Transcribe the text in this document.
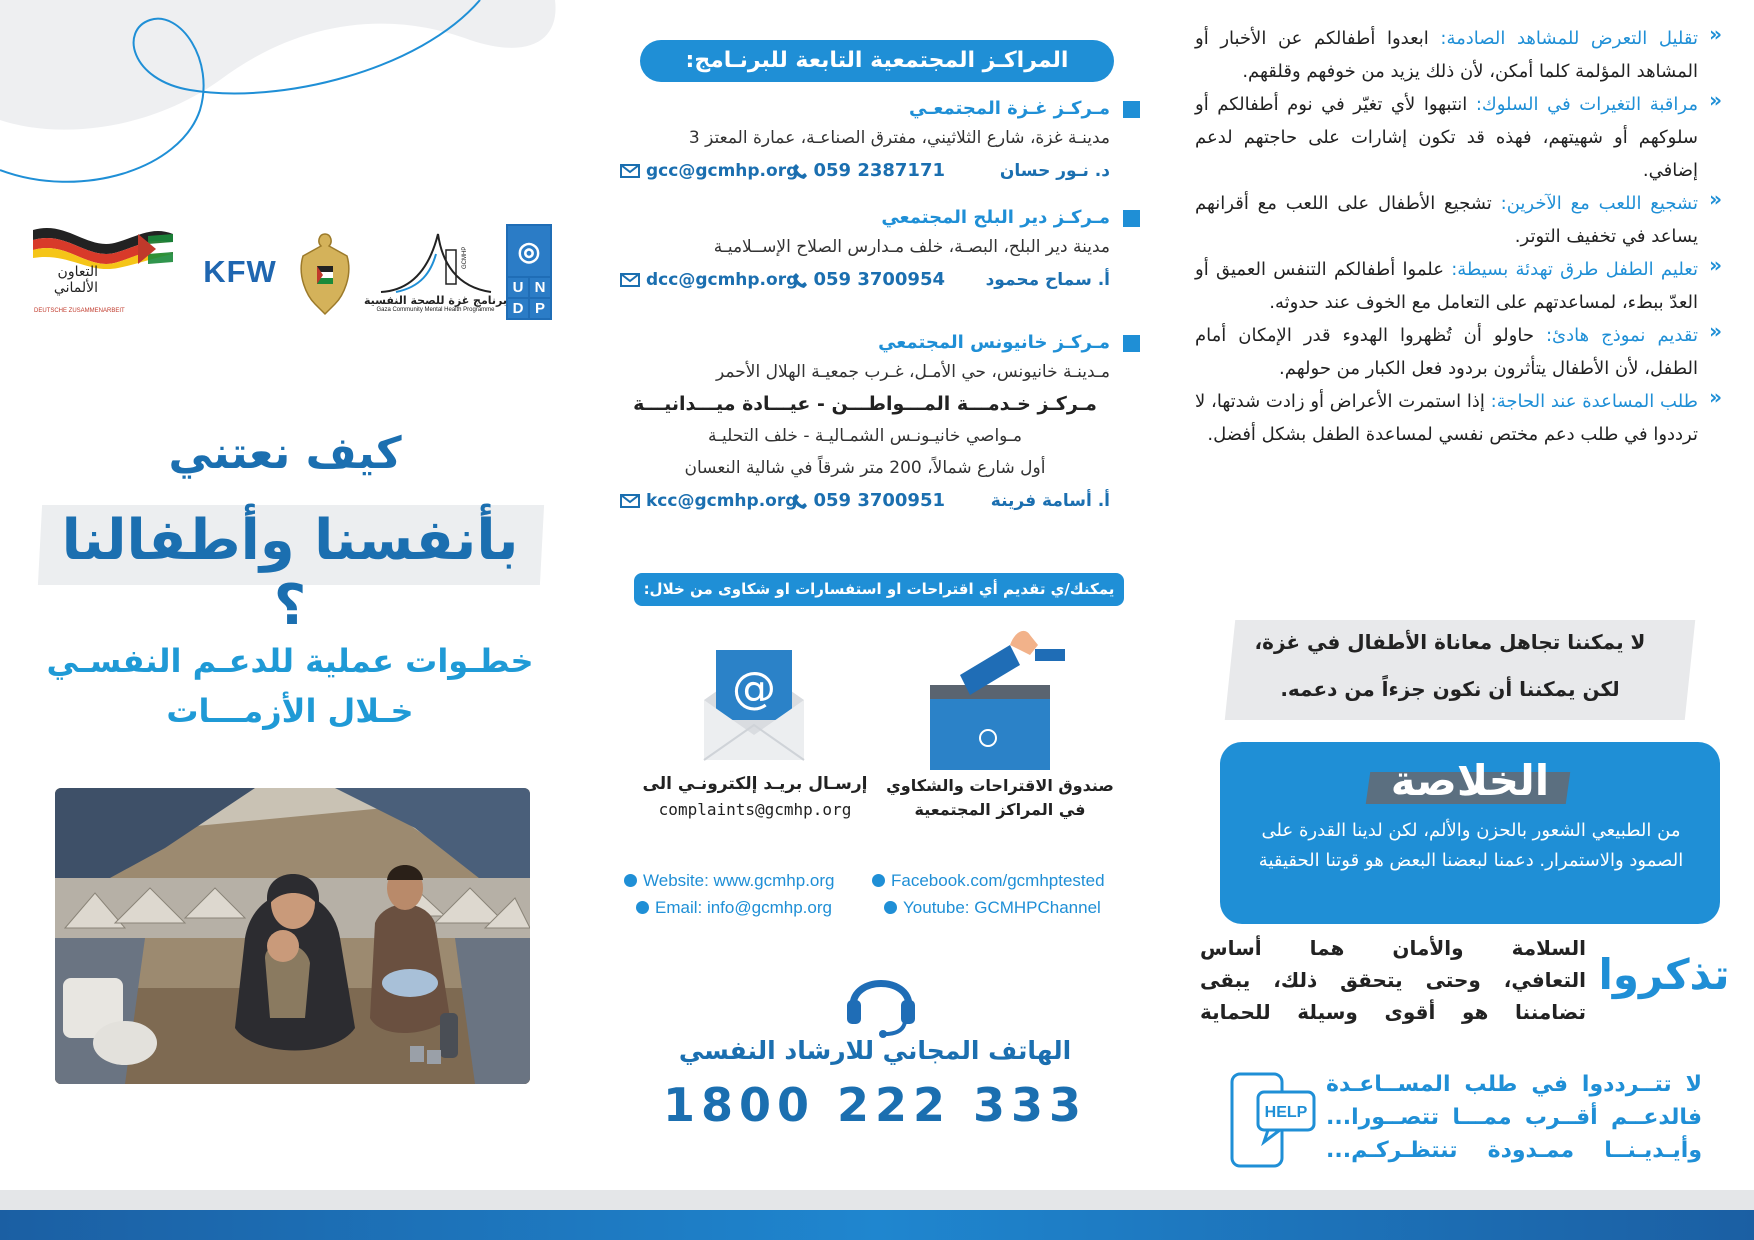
◎
U N
D P
GCMHP
برنامج غزة للصحة النفسية
Gaza Community Mental Health Programme
KFW
التعاون الألماني
DEUTSCHE ZUSAMMENARBEIT
كيف نعتني
بأنفسنا وأطفالنا ؟
خطـوات عملية للدعـم النفسـي
خـلال الأزمـــات
المراكـز المجتمعية التابعة للبرنـامج:
مـركـز غـزة المجتمعـي
مدينـة غزة، شارع الثلاثيني، مفترق الصناعـة، عمارة المعتز 3
د. نـور حسان
059 2387171
gcc@gcmhp.org
مـركـز دير البلح المجتمعي
مدينة دير البلح، البصـة، خلف مـدارس الصلاح الإســلاميـة
أ. سماح محمود
059 3700954
dcc@gcmhp.org
مـركـز خانيونس المجتمعي
مـدينـة خانيونس، حي الأمـل، غـرب جمعيـة الهلال الأحمر
مـركـز خـدمـــة المـــواطـــن - عيـــادة ميـــدانيـــة
مـواصي خانيـونـس الشمـاليـة - خلف التحليـة
أول شارع شمالاً، 200 متر شرقاً في شالية النعسان
أ. أسامة فرينة
059 3700951
kcc@gcmhp.org
يمكنك/ي تقديم أي اقتراحات او استفسارات او شكاوى من خلال:
@
صندوق الاقتراحات والشكاوي
في المراكز المجتمعية
إرسـال بريـد إلكترونـي الى
complaints@gcmhp.org
Website: www.gcmhp.org	Facebook.com/gcmhptested
Email: info@gcmhp.org	Youtube: GCMHPChannel
الهاتف المجاني للارشاد النفسي
1800 222 333
«
تقليل التعرض للمشاهد الصادمة: ابعدوا أطفالكم عن الأخبار أو المشاهد المؤلمة كلما أمكن، لأن ذلك يزيد من خوفهم وقلقهم.
«
مراقبة التغيرات في السلوك: انتبهوا لأي تغيّر في نوم أطفالكم أو سلوكهم أو شهيتهم، فهذه قد تكون إشارات على حاجتهم لدعم إضافي.
«
تشجيع اللعب مع الآخرين: تشجيع الأطفال على اللعب مع أقرانهم يساعد في تخفيف التوتر.
«
تعليم الطفل طرق تهدئة بسيطة: علموا أطفالكم التنفس العميق أو العدّ ببطء، لمساعدتهم على التعامل مع الخوف عند حدوثه.
«
تقديم نموذج هادئ: حاولو أن تُظهروا الهدوء قدر الإمكان أمام الطفل، لأن الأطفال يتأثرون بردود فعل الكبار من حولهم.
«
طلب المساعدة عند الحاجة: إذا استمرت الأعراض أو زادت شدتها، لا ترددوا في طلب دعم مختص نفسي لمساعدة الطفل بشكل أفضل.
لا يمكننا تجاهل معاناة الأطفال في غزة،
لكن يمكننا أن نكون جزءاً من دعمه.
الخلاصة
من الطبيعي الشعور بالحزن والألم، لكن لدينا القدرة على الصمود والاستمرار. دعمنا لبعضنا البعض هو قوتنا الحقيقية
تذكروا
السلامة والأمان هما أساس
التعافي، وحتى يتحقق ذلك، يبقى
تضامننا هو أقوى وسيلة للحماية
HELP
لا تتــرددوا في طلب المســاعـدة
فالدعــم أقــرب ممـــا تتصــورا...
وأيـديـنــا ممـدودة تنتظـركـم...
